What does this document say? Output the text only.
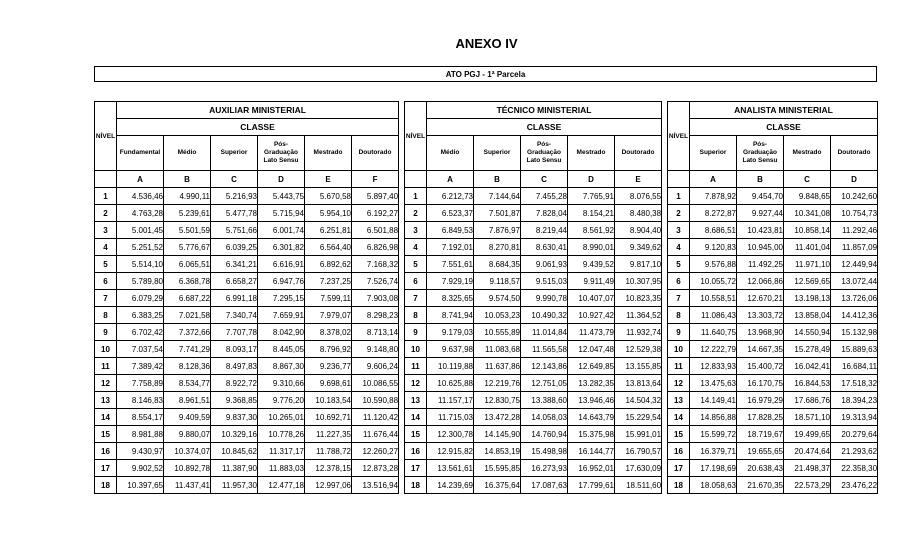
ANEXO IV
ATO PGJ - 1ª Parcela
NÍVEL	AUXILIAR MINISTERIAL					
	CLASSE					
	Fundamental	Médio	Superior	Pós-
Graduação
Lato Sensu	Mestrado	Doutorado
	A	B	C	D	E	F
1	4.536,46	4.990,11	5.216,93	5.443,75	5.670,58	5.897,40
2	4.763,28	5.239,61	5.477,78	5.715,94	5.954,10	6.192,27
3	5.001,45	5.501,59	5.751,66	6.001,74	6.251,81	6.501,88
4	5.251,52	5.776,67	6.039,25	6.301,82	6.564,40	6.826,98
5	5.514,10	6.065,51	6.341,21	6.616,91	6.892,62	7.168,32
6	5.789,80	6.368,78	6.658,27	6.947,76	7.237,25	7.526,74
7	6.079,29	6.687,22	6.991,18	7.295,15	7.599,11	7.903,08
8	6.383,25	7.021,58	7.340,74	7.659,91	7.979,07	8.298,23
9	6.702,42	7.372,66	7.707,78	8.042,90	8.378,02	8.713,14
10	7.037,54	7.741,29	8.093,17	8.445,05	8.796,92	9.148,80
11	7.389,42	8.128,36	8.497,83	8.867,30	9.236,77	9.606,24
12	7.758,89	8.534,77	8.922,72	9.310,66	9.698,61	10.086,55
13	8.146,83	8.961,51	9.368,85	9.776,20	10.183,54	10.590,88
14	8.554,17	9.409,59	9.837,30	10.265,01	10.692,71	11.120,42
15	8.981,88	9.880,07	10.329,16	10.778,26	11.227,35	11.676,44
16	9.430,97	10.374,07	10.845,62	11.317,17	11.788,72	12.260,27
17	9.902,52	10.892,78	11.387,90	11.883,03	12.378,15	12.873,28
18	10.397,65	11.437,41	11.957,30	12.477,18	12.997,06	13.516,94
NÍVEL	TÉCNICO MINISTERIAL				
	CLASSE				
	Médio	Superior	Pós-
Graduação
Lato Sensu	Mestrado	Doutorado
	A	B	C	D	E
1	6.212,73	7.144,64	7.455,28	7.765,91	8.076,55
2	6.523,37	7.501,87	7.828,04	8.154,21	8.480,38
3	6.849,53	7.876,97	8.219,44	8.561,92	8.904,40
4	7.192,01	8.270,81	8.630,41	8.990,01	9.349,62
5	7.551,61	8.684,35	9.061,93	9.439,52	9.817,10
6	7.929,19	9.118,57	9.515,03	9.911,49	10.307,95
7	8.325,65	9.574,50	9.990,78	10.407,07	10.823,35
8	8.741,94	10.053,23	10.490,32	10.927,42	11.364,52
9	9.179,03	10.555,89	11.014,84	11.473,79	11.932,74
10	9.637,98	11.083,68	11.565,58	12.047,48	12.529,38
11	10.119,88	11.637,86	12.143,86	12.649,85	13.155,85
12	10.625,88	12.219,76	12.751,05	13.282,35	13.813,64
13	11.157,17	12.830,75	13.388,60	13.946,46	14.504,32
14	11.715,03	13.472,28	14.058,03	14.643,79	15.229,54
15	12.300,78	14.145,90	14.760,94	15.375,98	15.991,01
16	12.915,82	14.853,19	15.498,98	16.144,77	16.790,57
17	13.561,61	15.595,85	16.273,93	16.952,01	17.630,09
18	14.239,69	16.375,64	17.087,63	17.799,61	18.511,60
NÍVEL	ANALISTA MINISTERIAL			
	CLASSE			
	Superior	Pós-
Graduação
Lato Sensu	Mestrado	Doutorado
	A	B	C	D
1	7.878,92	9.454,70	9.848,65	10.242,60
2	8.272,87	9.927,44	10.341,08	10.754,73
3	8.686,51	10.423,81	10.858,14	11.292,46
4	9.120,83	10.945,00	11.401,04	11.857,09
5	9.576,88	11.492,25	11.971,10	12.449,94
6	10.055,72	12.066,86	12.569,65	13.072,44
7	10.558,51	12.670,21	13.198,13	13.726,06
8	11.086,43	13.303,72	13.858,04	14.412,36
9	11.640,75	13.968,90	14.550,94	15.132,98
10	12.222,79	14.667,35	15.278,49	15.889,63
11	12.833,93	15.400,72	16.042,41	16.684,11
12	13.475,63	16.170,75	16.844,53	17.518,32
13	14.149,41	16.979,29	17.686,76	18.394,23
14	14.856,88	17.828,25	18.571,10	19.313,94
15	15.599,72	18.719,67	19.499,65	20.279,64
16	16.379,71	19.655,65	20.474,64	21.293,62
17	17.198,69	20.638,43	21.498,37	22.358,30
18	18.058,63	21.670,35	22.573,29	23.476,22
